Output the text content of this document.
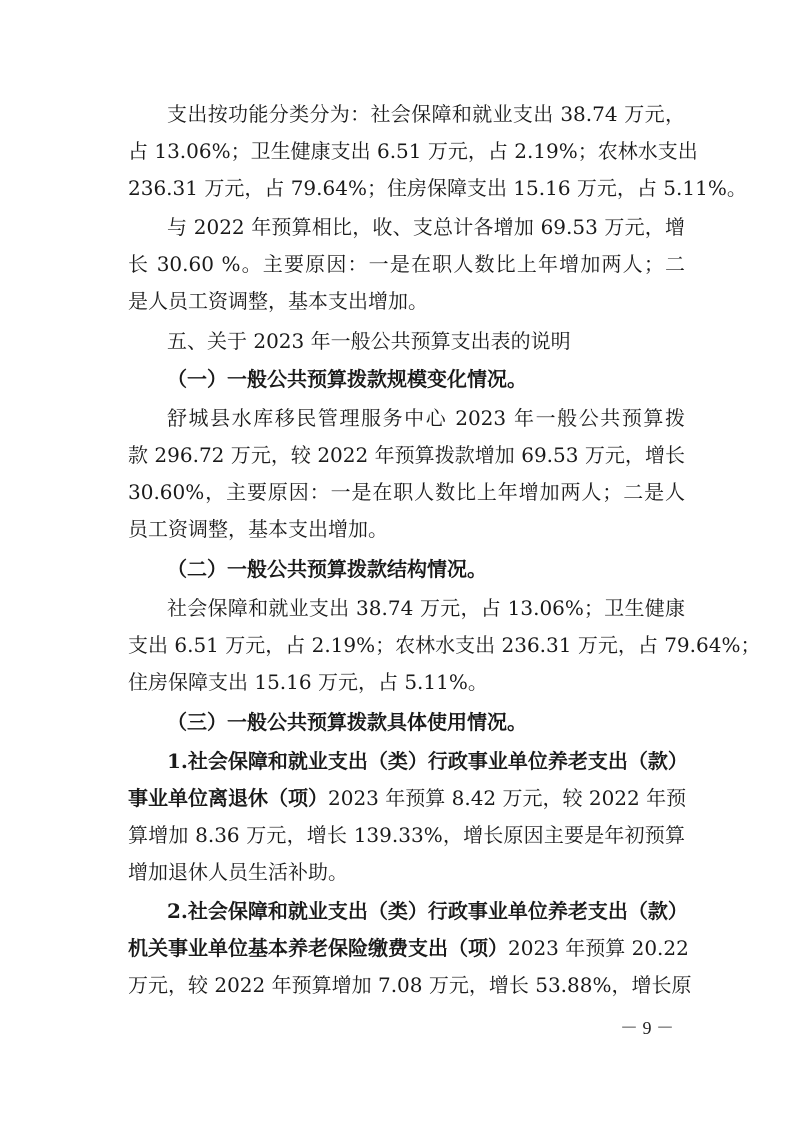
支出按功能分类分为：社会保障和就业支出 38.74 万元，
占 13.06%；卫生健康支出 6.51 万元，占 2.19%；农林水支出
236.31 万元，占 79.64%；住房保障支出 15.16 万元，占 5.11%。
与 2022 年预算相比，收、支总计各增加 69.53 万元，增
长 30.60 %。主要原因：一是在职人数比上年增加两人；二
是人员工资调整，基本支出增加。
五、关于 2023 年一般公共预算支出表的说明
（一）一般公共预算拨款规模变化情况。
舒城县水库移民管理服务中心 2023 年一般公共预算拨
款 296.72 万元，较 2022 年预算拨款增加 69.53 万元，增长
30.60%，主要原因：一是在职人数比上年增加两人；二是人
员工资调整，基本支出增加。
（二）一般公共预算拨款结构情况。
社会保障和就业支出 38.74 万元，占 13.06%；卫生健康
支出 6.51 万元，占 2.19%；农林水支出 236.31 万元，占 79.64%；
住房保障支出 15.16 万元，占 5.11%。
（三）一般公共预算拨款具体使用情况。
1.社会保障和就业支出（类）行政事业单位养老支出（款）
事业单位离退休（项）2023 年预算 8.42 万元，较 2022 年预
算增加 8.36 万元，增长 139.33%，增长原因主要是年初预算
增加退休人员生活补助。
2.社会保障和就业支出（类）行政事业单位养老支出（款）
机关事业单位基本养老保险缴费支出（项）2023 年预算 20.22
万元，较 2022 年预算增加 7.08 万元，增长 53.88%，增长原
－ 9 －
